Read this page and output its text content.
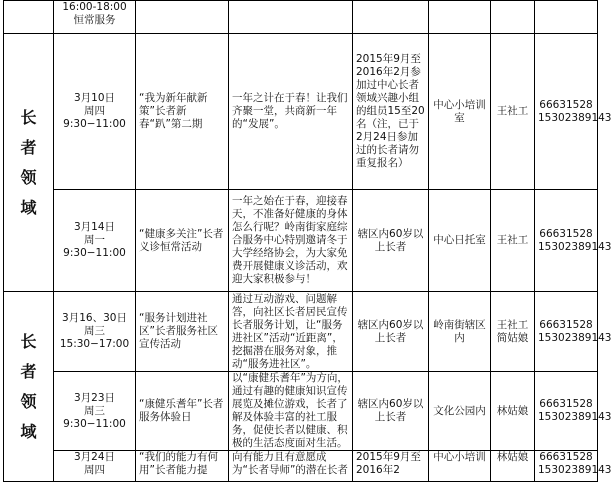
	16:00-18:00
恒常服务						

长
者
领
域	3月10日
周四
9:30−11:00	“我为新年献新策”长者新春“趴”第二期	一年之计在于春！让我们齐聚一堂，共商新一年的“发展”。	2015年9月至2016年2月参加过中心长者领域兴趣小组的组员15至20名（注，已于2月24日参加过的长者请勿重复报名）	中心小培训室	王社工	66631528
15302389143
	3月14日
周一
9:30−11:00	“健康多关注”长者义诊恒常活动	一年之始在于春，迎接春天，不准备好健康的身体怎么行呢？岭南街家庭综合服务中心特别邀请冬于大学经络协会，为大家免费开展健康义诊活动，欢迎大家积极参与！	辖区内60岁以上长者	中心日托室	王社工	66631528
15302389143

长
者
领
域	3月16、30日
周三
15:30−17:00	“服务计划进社区”长者服务社区宣传活动	通过互动游戏、问题解答，向社区长者居民宣传长者服务计划，让“服务进社区”活动“近距离”，挖掘潜在服务对象，推动“服务进社区”。	辖区内60岁以上长者	岭南街辖区内	王社工
简姑娘	66631528
15302389143
	3月23日
周三
9:30−11:00	“康健乐耆年”长者服务体验日	以“康健乐耆年”为方向，通过有趣的健康知识宣传展览及摊位游戏，长者了解及体验丰富的社工服务，促使长者以健康、积极的生活态度面对生活。	辖区内60岁以上长者	文化公园内	林姑娘	66631528
15302389143
	3月24日
周四	“我们的能力有何用”长者能力提	向有能力且有意愿成为“长者导师”的潜在长者	2015年9月至2016年2	中心小培训	林姑娘	66631528
15302389143
